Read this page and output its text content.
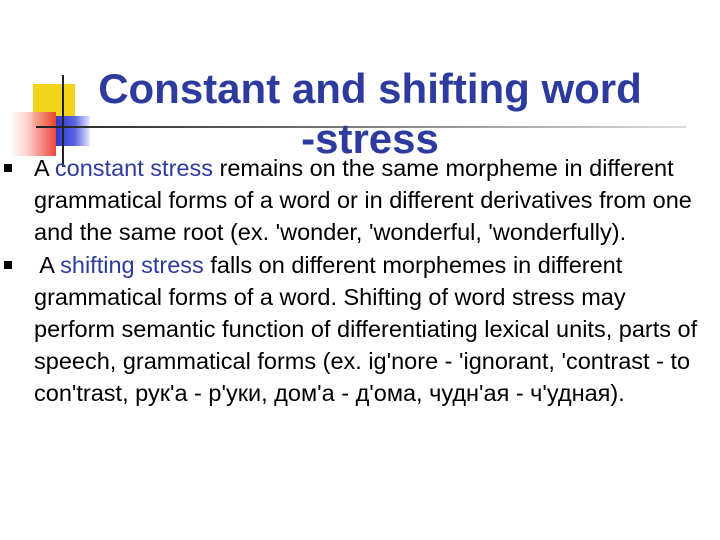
Constant and shifting word
-stress
A constant stress remains on the same morpheme in different grammatical forms of a word or in different derivatives from one and the same root (ex. 'wonder, 'wonderful, 'wonderfully).
A shifting stress falls on different morphemes in different grammatical forms of a word. Shifting of word stress may perform semantic function of differentiating lexical units, parts of speech, grammatical forms (ex. ig'nore - 'ignorant, 'contrast - to con'trast, рук'а - р'уки, дом'а - д'ома, чудн'ая - ч'удная).
